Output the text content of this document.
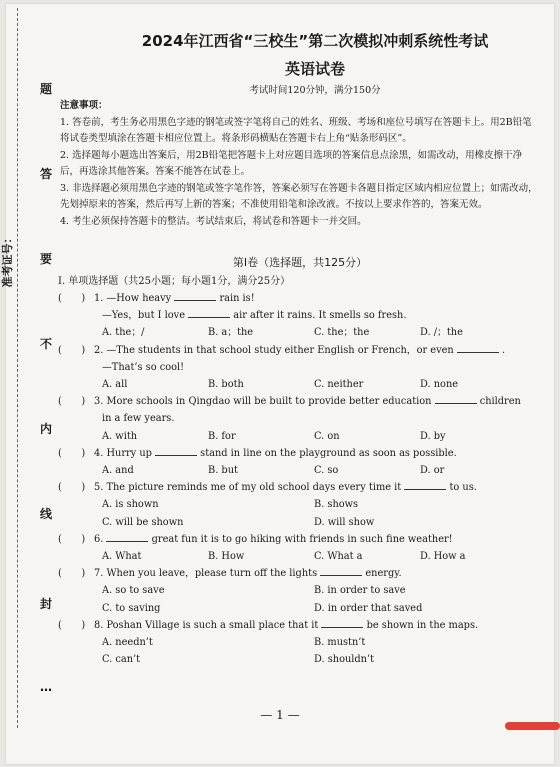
准考证号：
题
答
要
不
内
线
封
…
2024年江西省“三校生”第二次模拟冲刺系统性考试
英语试卷
考试时间120分钟，满分150分
注意事项：

1. 答卷前，考生务必用黑色字迹的钢笔或签字笔将自己的姓名、班级、考场和座位号填写在答题卡上。用2B铅笔将试卷类型填涂在答题卡相应位置上。将条形码横贴在答题卡右上角“贴条形码区”。

2. 选择题每小题选出答案后，用2B铅笔把答题卡上对应题目选项的答案信息点涂黑，如需改动，用橡皮擦干净后，再选涂其他答案。答案不能答在试卷上。

3. 非选择题必须用黑色字迹的钢笔或签字笔作答，答案必须写在答题卡各题目指定区域内相应位置上；如需改动，先划掉原来的答案，然后再写上新的答案；不准使用铅笔和涂改液。不按以上要求作答的，答案无效。

4. 考生必须保持答题卡的整洁。考试结束后，将试卷和答题卡一并交回。

第Ⅰ卷（选择题，共125分）
Ⅰ. 单项选择题（共25小题；每小题1分，满分25分）
(　　) 1. —How heavy	rain is!
—Yes，but I love	air after it rains. It smells so fresh.
A. the；/	B. a；the	C. the；the	D. /；the
(　　) 2. —The students in that school study either English or French，or even	.
—That’s so cool!
A. all	B. both	C. neither	D. none
(　　) 3. More schools in Qingdao will be built to provide better education	children
in a few years.
A. with	B. for	C. on	D. by
(　　) 4. Hurry up	stand in line on the playground as soon as possible.
A. and	B. but	C. so	D. or
(　　) 5. The picture reminds me of my old school days every time it	to us.
A. is shown	B. shows
C. will be shown	D. will show
(　　) 6.	great fun it is to go hiking with friends in such fine weather!
A. What	B. How	C. What a	D. How a
(　　) 7. When you leave，please turn off the lights	energy.
A. so to save	B. in order to save
C. to saving	D. in order that saved
(　　) 8. Poshan Village is such a small place that it	be shown in the maps.
A. needn’t	B. mustn’t
C. can’t	D. shouldn’t
— 1 —
